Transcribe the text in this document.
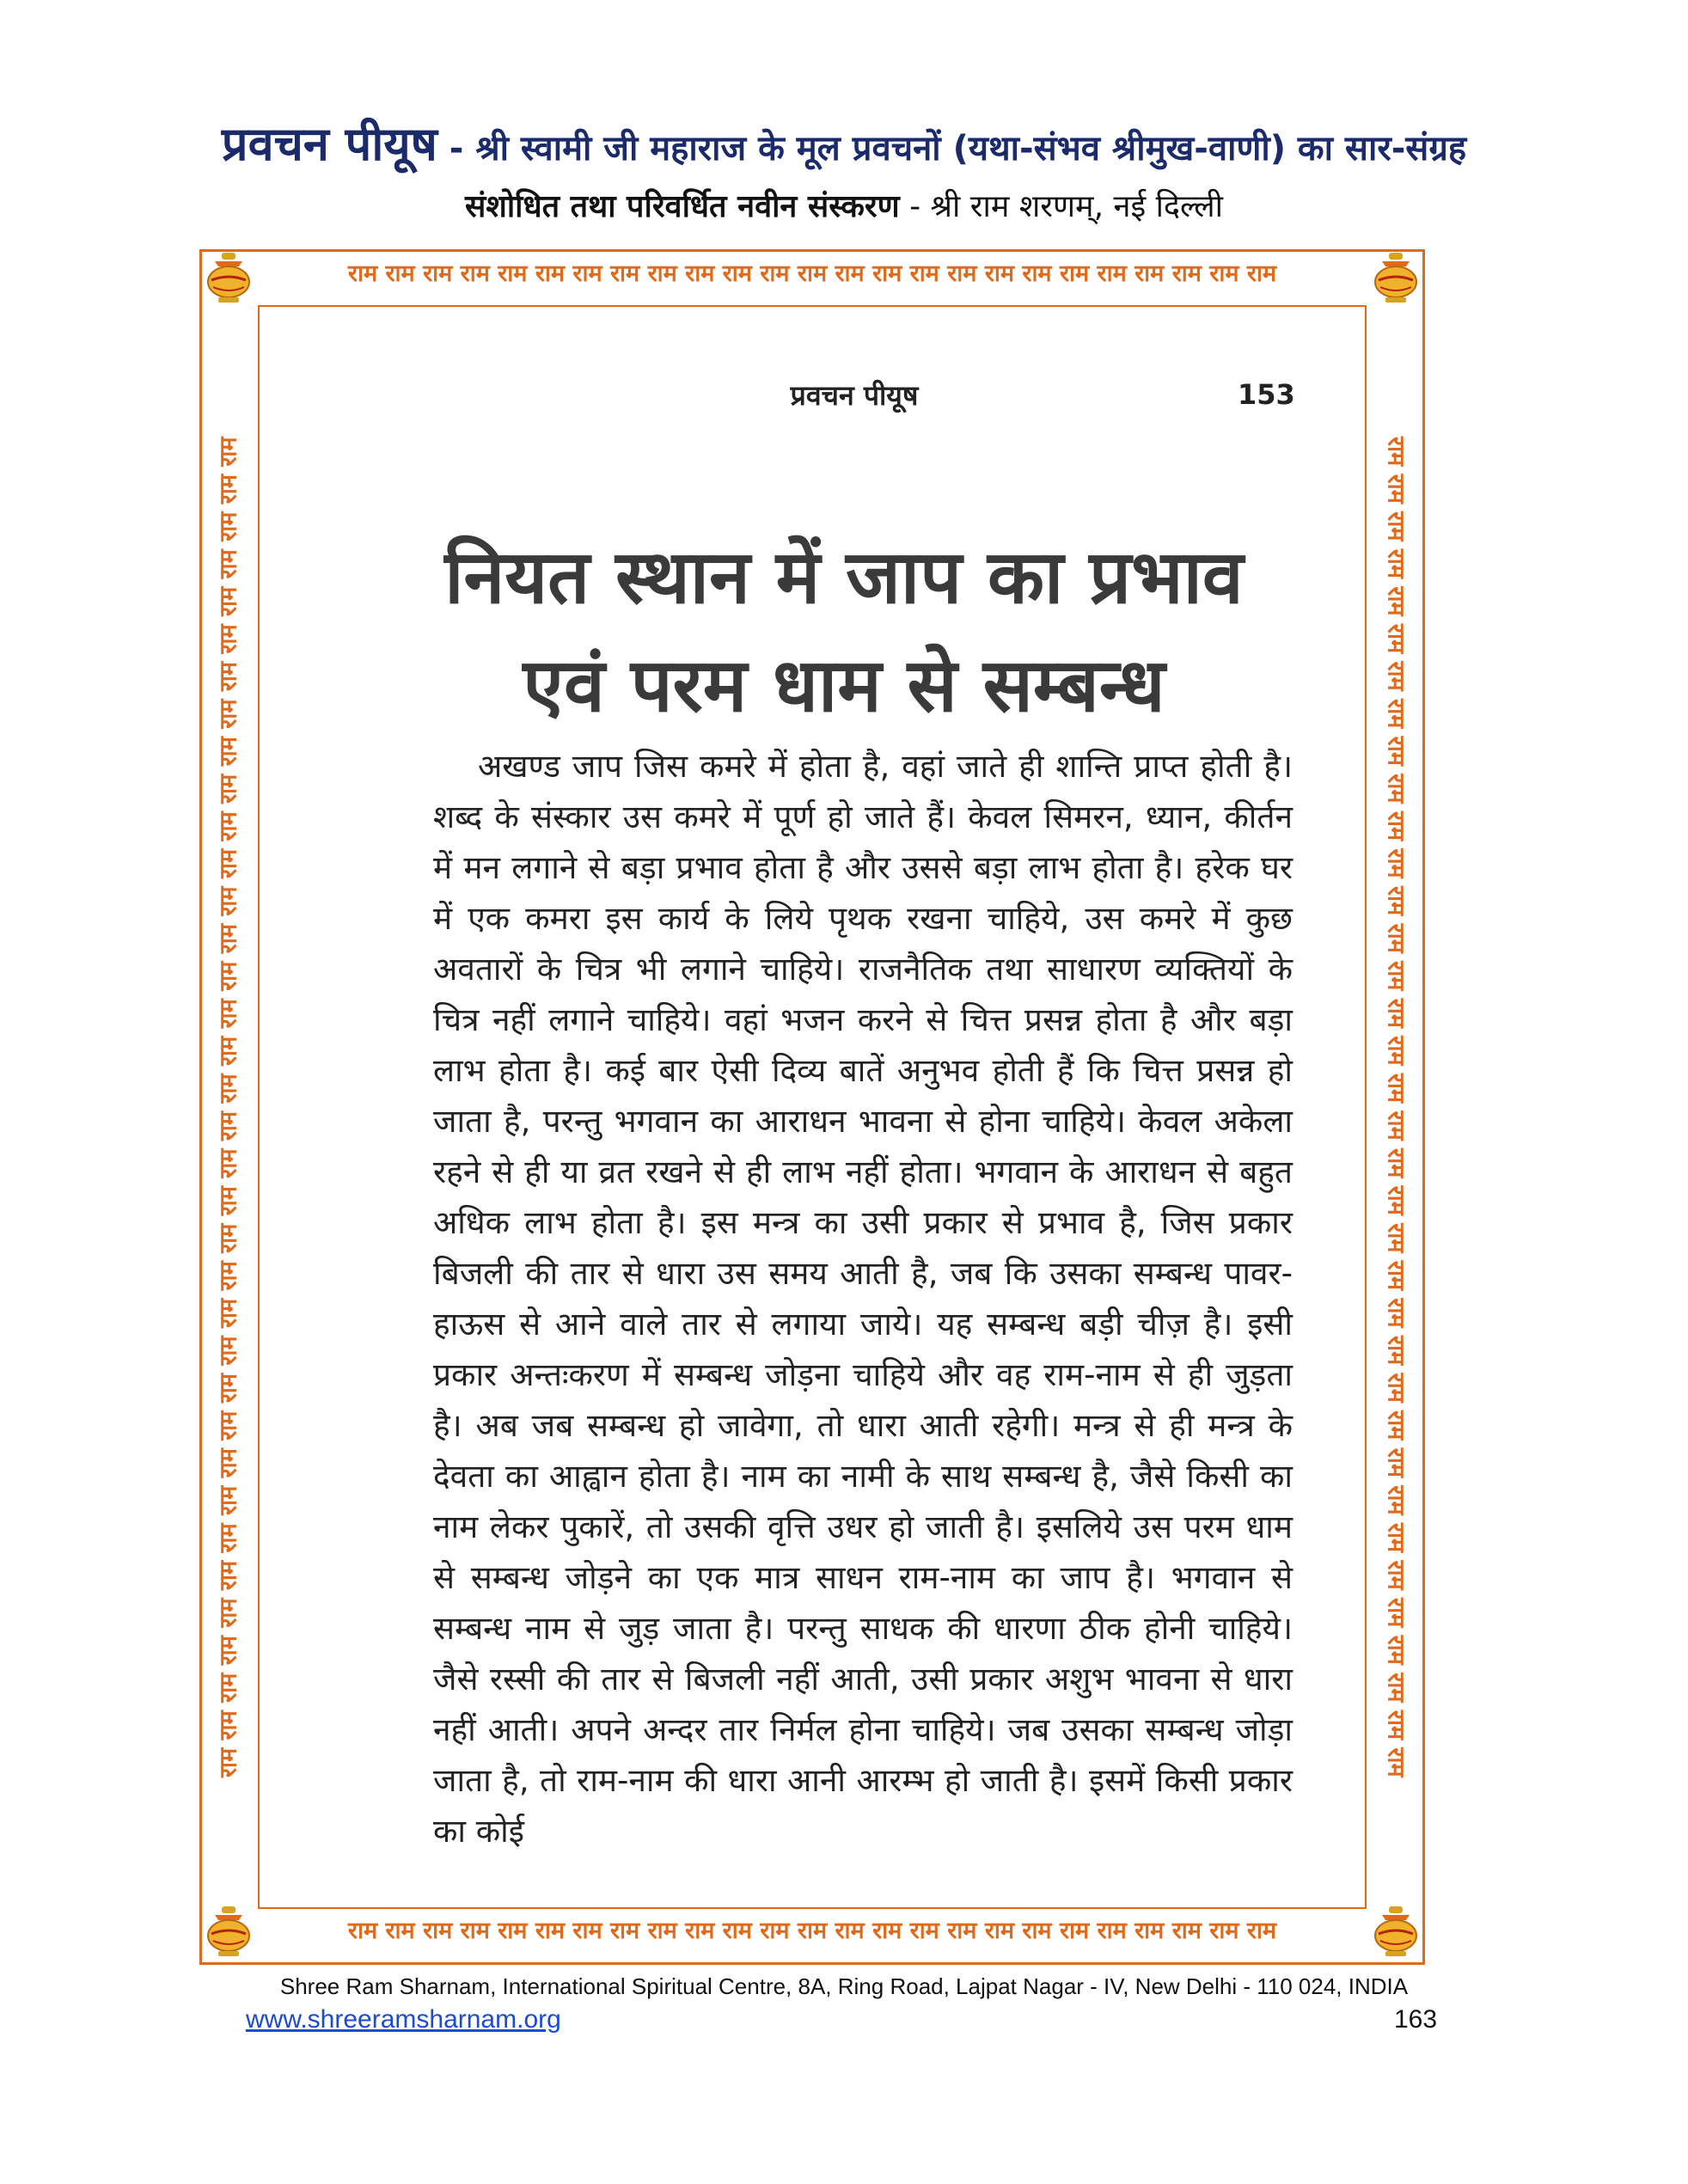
प्रवचन पीयूष - श्री स्वामी जी महाराज के मूल प्रवचनों (यथा-संभव श्रीमुख-वाणी) का सार-संग्रह
संशोधित तथा परिवर्धित नवीन संस्करण - श्री राम शरणम्, नई दिल्ली
राम राम राम राम राम राम राम राम राम राम राम राम राम राम राम राम राम राम राम राम राम राम राम राम राम
राम राम राम राम राम राम राम राम राम राम राम राम राम राम राम राम राम राम राम राम राम राम राम राम राम
राम राम राम राम राम राम राम राम राम राम राम राम राम राम राम राम राम राम राम राम राम राम राम राम राम राम राम राम राम राम राम राम राम राम राम राम	राम राम राम राम राम राम राम राम राम राम राम राम राम राम राम राम राम राम राम राम राम राम राम राम राम राम राम राम राम राम राम राम राम राम राम राम
प्रवचन पीयूष	153
नियत स्थान में जाप का प्रभाव
एवं परम धाम से सम्बन्ध
अखण्ड जाप जिस कमरे में होता है, वहां जाते ही शान्ति प्राप्त होती है। शब्द के संस्कार उस कमरे में पूर्ण हो जाते हैं। केवल सिमरन, ध्यान, कीर्तन में मन लगाने से बड़ा प्रभाव होता है और उससे बड़ा लाभ होता है। हरेक घर में एक कमरा इस कार्य के लिये पृथक रखना चाहिये, उस कमरे में कुछ अवतारों के चित्र भी लगाने चाहिये। राजनैतिक तथा साधारण व्यक्तियों के चित्र नहीं लगाने चाहिये। वहां भजन करने से चित्त प्रसन्न होता है और बड़ा लाभ होता है। कई बार ऐसी दिव्य बातें अनुभव होती हैं कि चित्त प्रसन्न हो जाता है, परन्तु भगवान का आराधन भावना से होना चाहिये। केवल अकेला रहने से ही या व्रत रखने से ही लाभ नहीं होता। भगवान के आराधन से बहुत अधिक लाभ होता है। इस मन्त्र का उसी प्रकार से प्रभाव है, जिस प्रकार बिजली की तार से धारा उस समय आती है, जब कि उसका सम्बन्ध पावर-हाऊस से आने वाले तार से लगाया जाये। यह सम्बन्ध बड़ी चीज़ है। इसी प्रकार अन्तःकरण में सम्बन्ध जोड़ना चाहिये और वह राम-नाम से ही जुड़ता है। अब जब सम्बन्ध हो जावेगा, तो धारा आती रहेगी। मन्त्र से ही मन्त्र के देवता का आह्वान होता है। नाम का नामी के साथ सम्बन्ध है, जैसे किसी का नाम लेकर पुकारें, तो उसकी वृत्ति उधर हो जाती है। इसलिये उस परम धाम से सम्बन्ध जोड़ने का एक मात्र साधन राम-नाम का जाप है। भगवान से सम्बन्ध नाम से जुड़ जाता है। परन्तु साधक की धारणा ठीक होनी चाहिये। जैसे रस्सी की तार से बिजली नहीं आती, उसी प्रकार अशुभ भावना से धारा नहीं आती। अपने अन्दर तार निर्मल होना चाहिये। जब उसका सम्बन्ध जोड़ा जाता है, तो राम-नाम की धारा आनी आरम्भ हो जाती है। इसमें किसी प्रकार का कोई
Shree Ram Sharnam, International Spiritual Centre, 8A, Ring Road, Lajpat Nagar - IV, New Delhi - 110 024, INDIA
www.shreeramsharnam.org	163
